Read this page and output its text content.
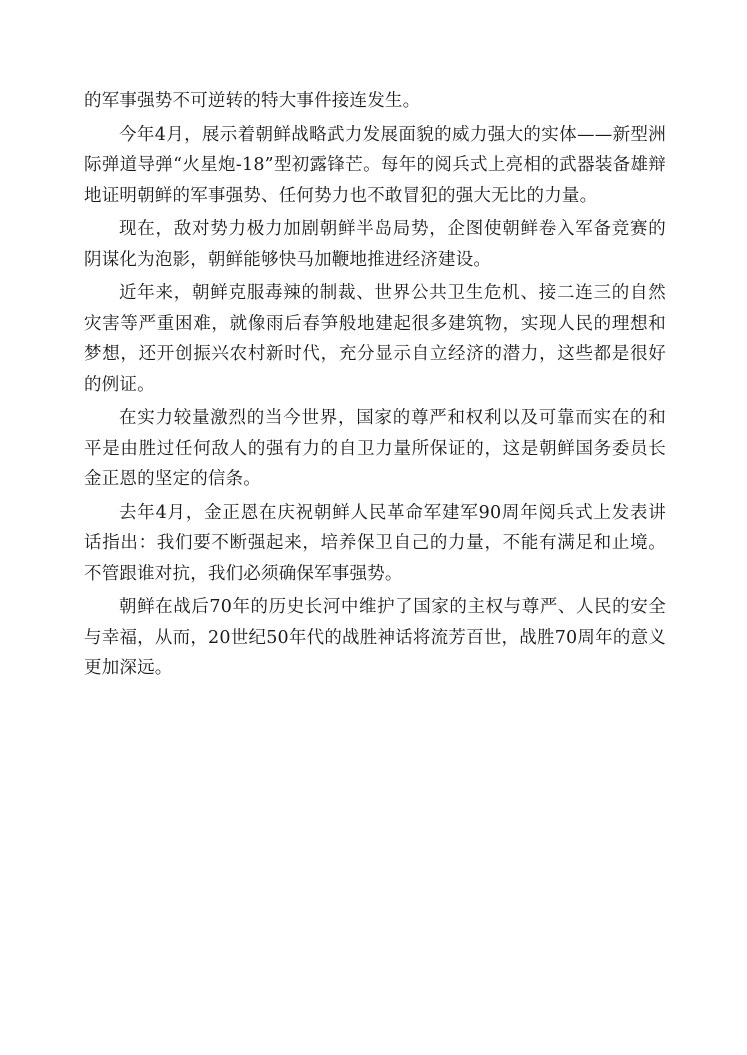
的军事强势不可逆转的特大事件接连发生。

今年4月，展示着朝鲜战略武力发展面貌的威力强大的实体——新型洲际弹道导弹“火星炮-18”型初露锋芒。每年的阅兵式上亮相的武器装备雄辩地证明朝鲜的军事强势、任何势力也不敢冒犯的强大无比的力量。

现在，敌对势力极力加剧朝鲜半岛局势，企图使朝鲜卷入军备竞赛的阴谋化为泡影，朝鲜能够快马加鞭地推进经济建设。

近年来，朝鲜克服毒辣的制裁、世界公共卫生危机、接二连三的自然灾害等严重困难，就像雨后春笋般地建起很多建筑物，实现人民的理想和梦想，还开创振兴农村新时代，充分显示自立经济的潜力，这些都是很好的例证。

在实力较量激烈的当今世界，国家的尊严和权利以及可靠而实在的和平是由胜过任何敌人的强有力的自卫力量所保证的，这是朝鲜国务委员长金正恩的坚定的信条。

去年4月，金正恩在庆祝朝鲜人民革命军建军90周年阅兵式上发表讲话指出：我们要不断强起来，培养保卫自己的力量，不能有满足和止境。不管跟谁对抗，我们必须确保军事强势。

朝鲜在战后70年的历史长河中维护了国家的主权与尊严、人民的安全与幸福，从而，20世纪50年代的战胜神话将流芳百世，战胜70周年的意义更加深远。
